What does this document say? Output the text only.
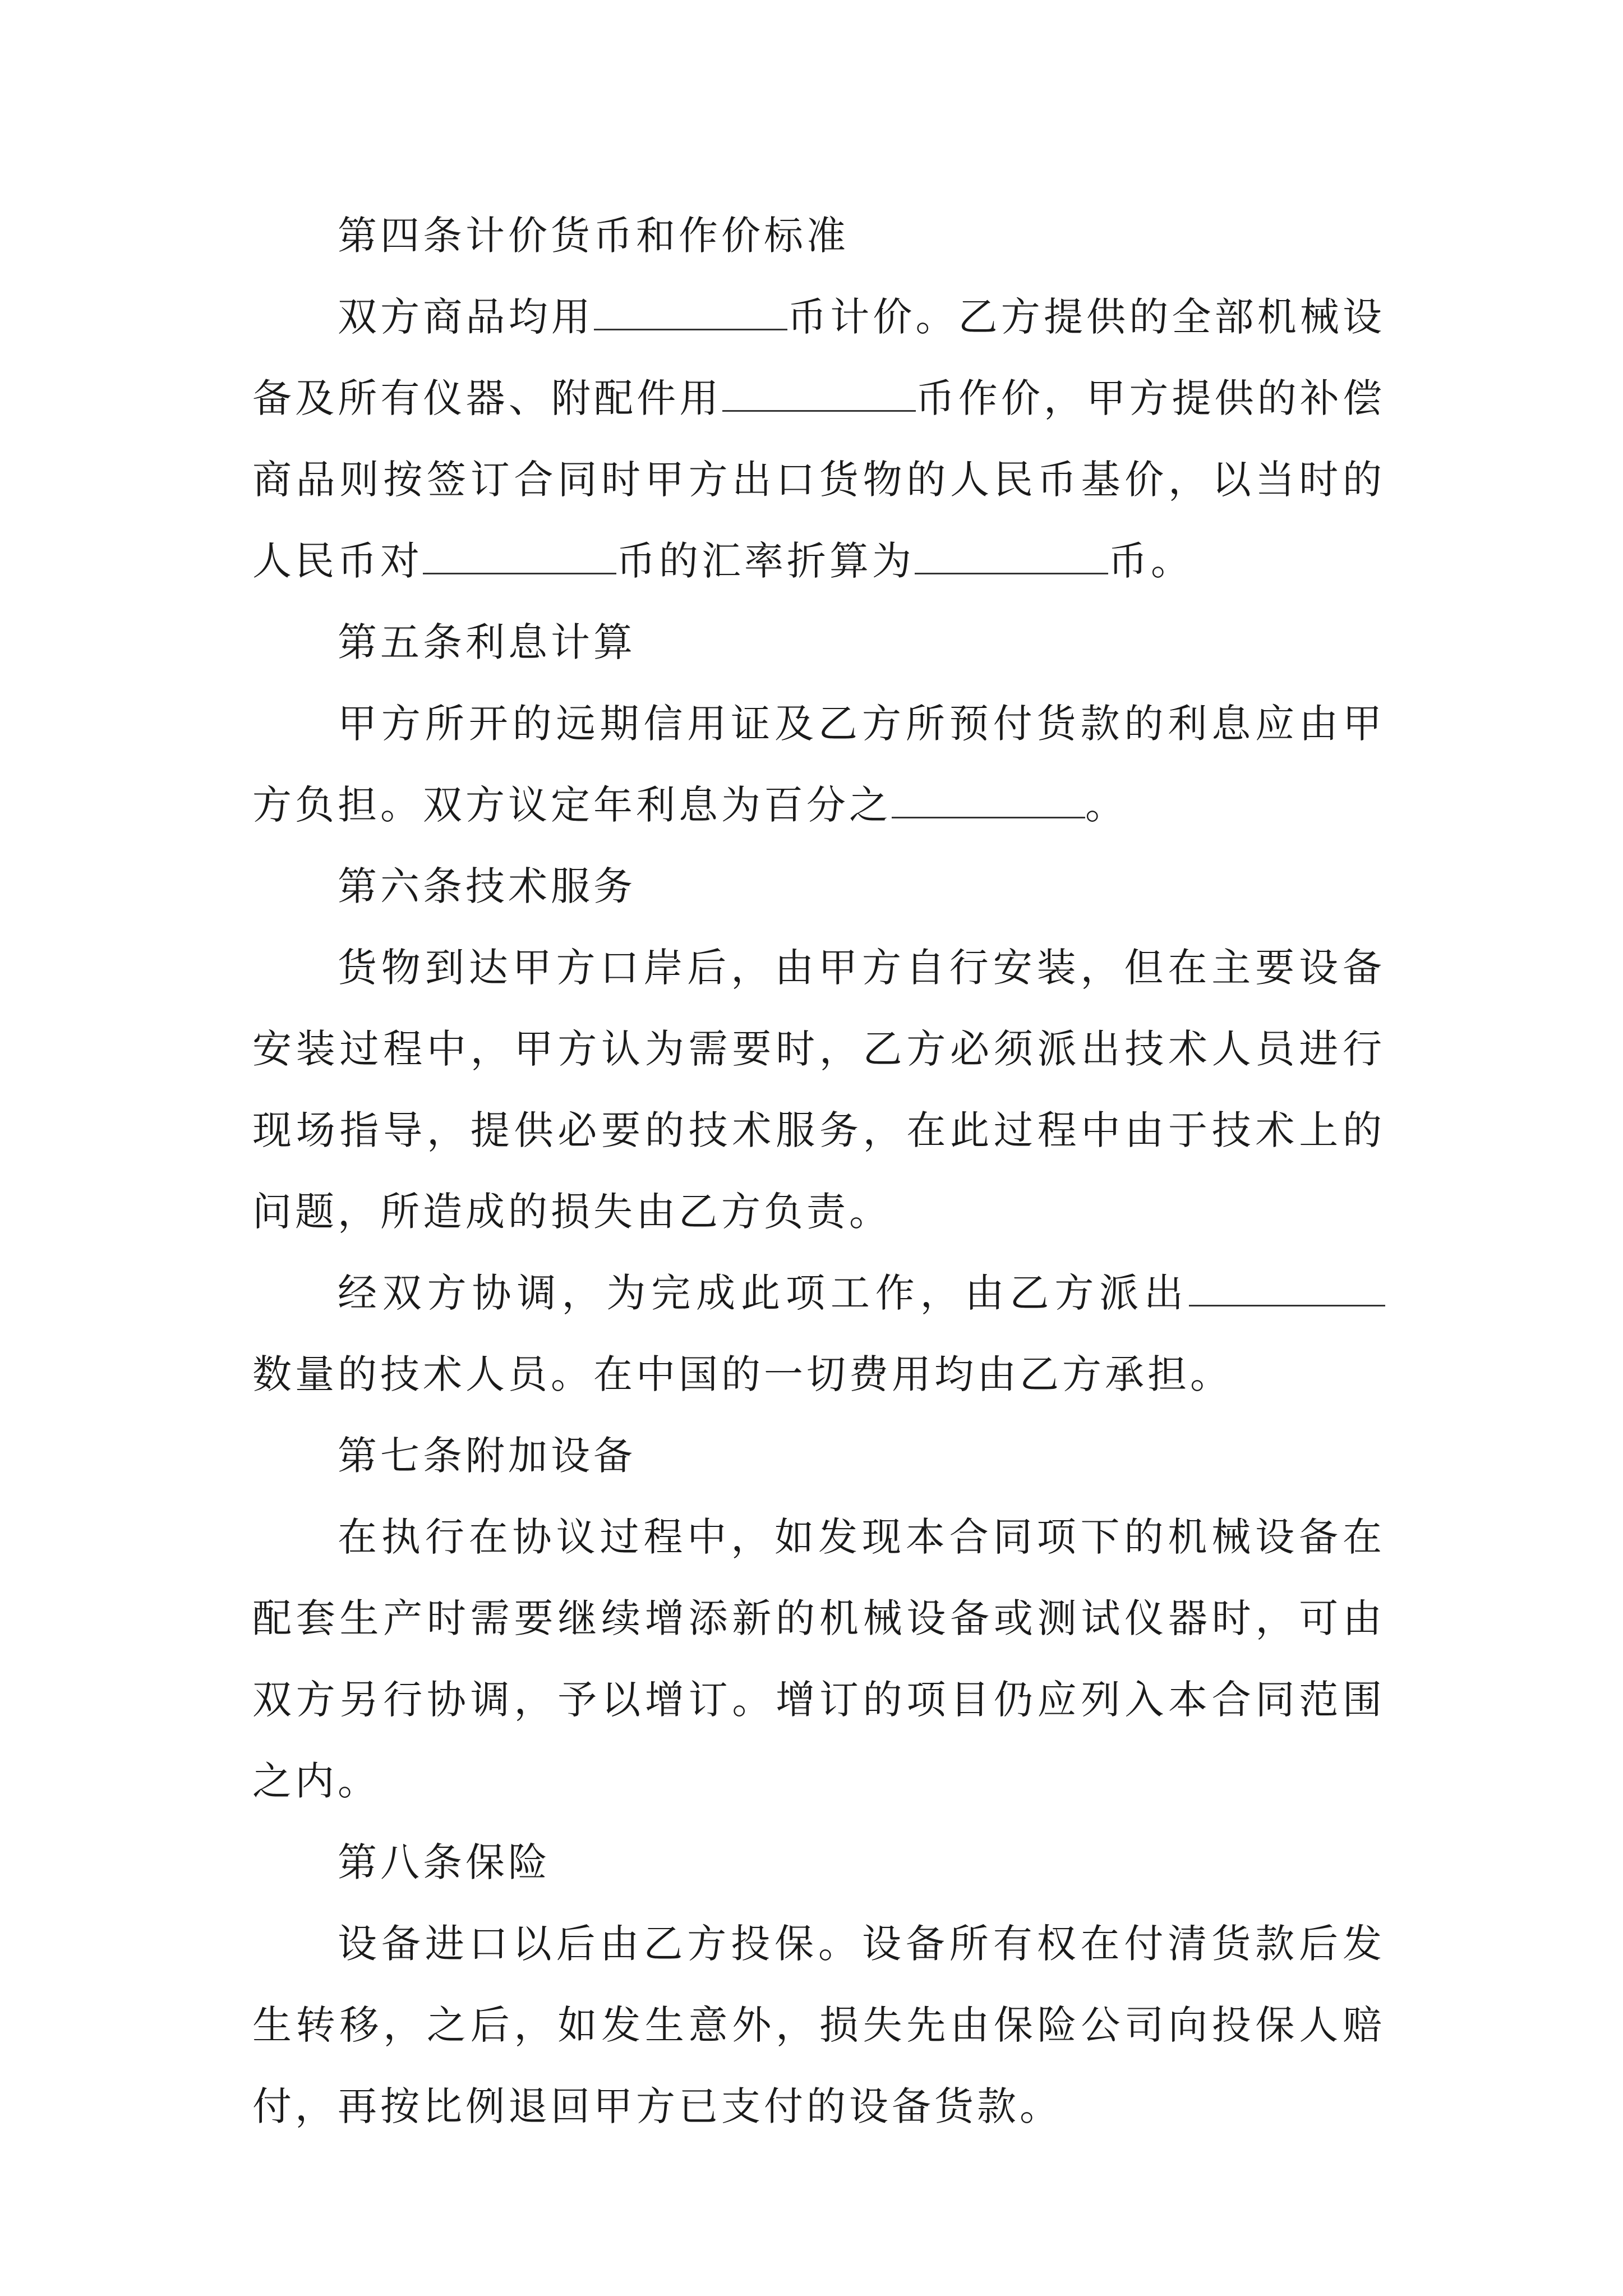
第四条计价货币和作价标准

双方商品均用	币计价。乙方提供的全部机械设备及所有仪器、附配件用	币作价，甲方提供的补偿商品则按签订合同时甲方出口货物的人民币基价，以当时的人民币对	币的汇率折算为	币。

第五条利息计算

甲方所开的远期信用证及乙方所预付货款的利息应由甲方负担。双方议定年利息为百分之	。

第六条技术服务

货物到达甲方口岸后，由甲方自行安装，但在主要设备安装过程中，甲方认为需要时，乙方必须派出技术人员进行现场指导，提供必要的技术服务，在此过程中由于技术上的问题，所造成的损失由乙方负责。

经双方协调，为完成此项工作，由乙方派出数量的技术人员。在中国的一切费用均由乙方承担。

第七条附加设备

在执行在协议过程中，如发现本合同项下的机械设备在配套生产时需要继续增添新的机械设备或测试仪器时，可由双方另行协调，予以增订。增订的项目仍应列入本合同范围之内。

第八条保险

设备进口以后由乙方投保。设备所有权在付清货款后发生转移，之后，如发生意外，损失先由保险公司向投保人赔付，再按比例退回甲方已支付的设备货款。
